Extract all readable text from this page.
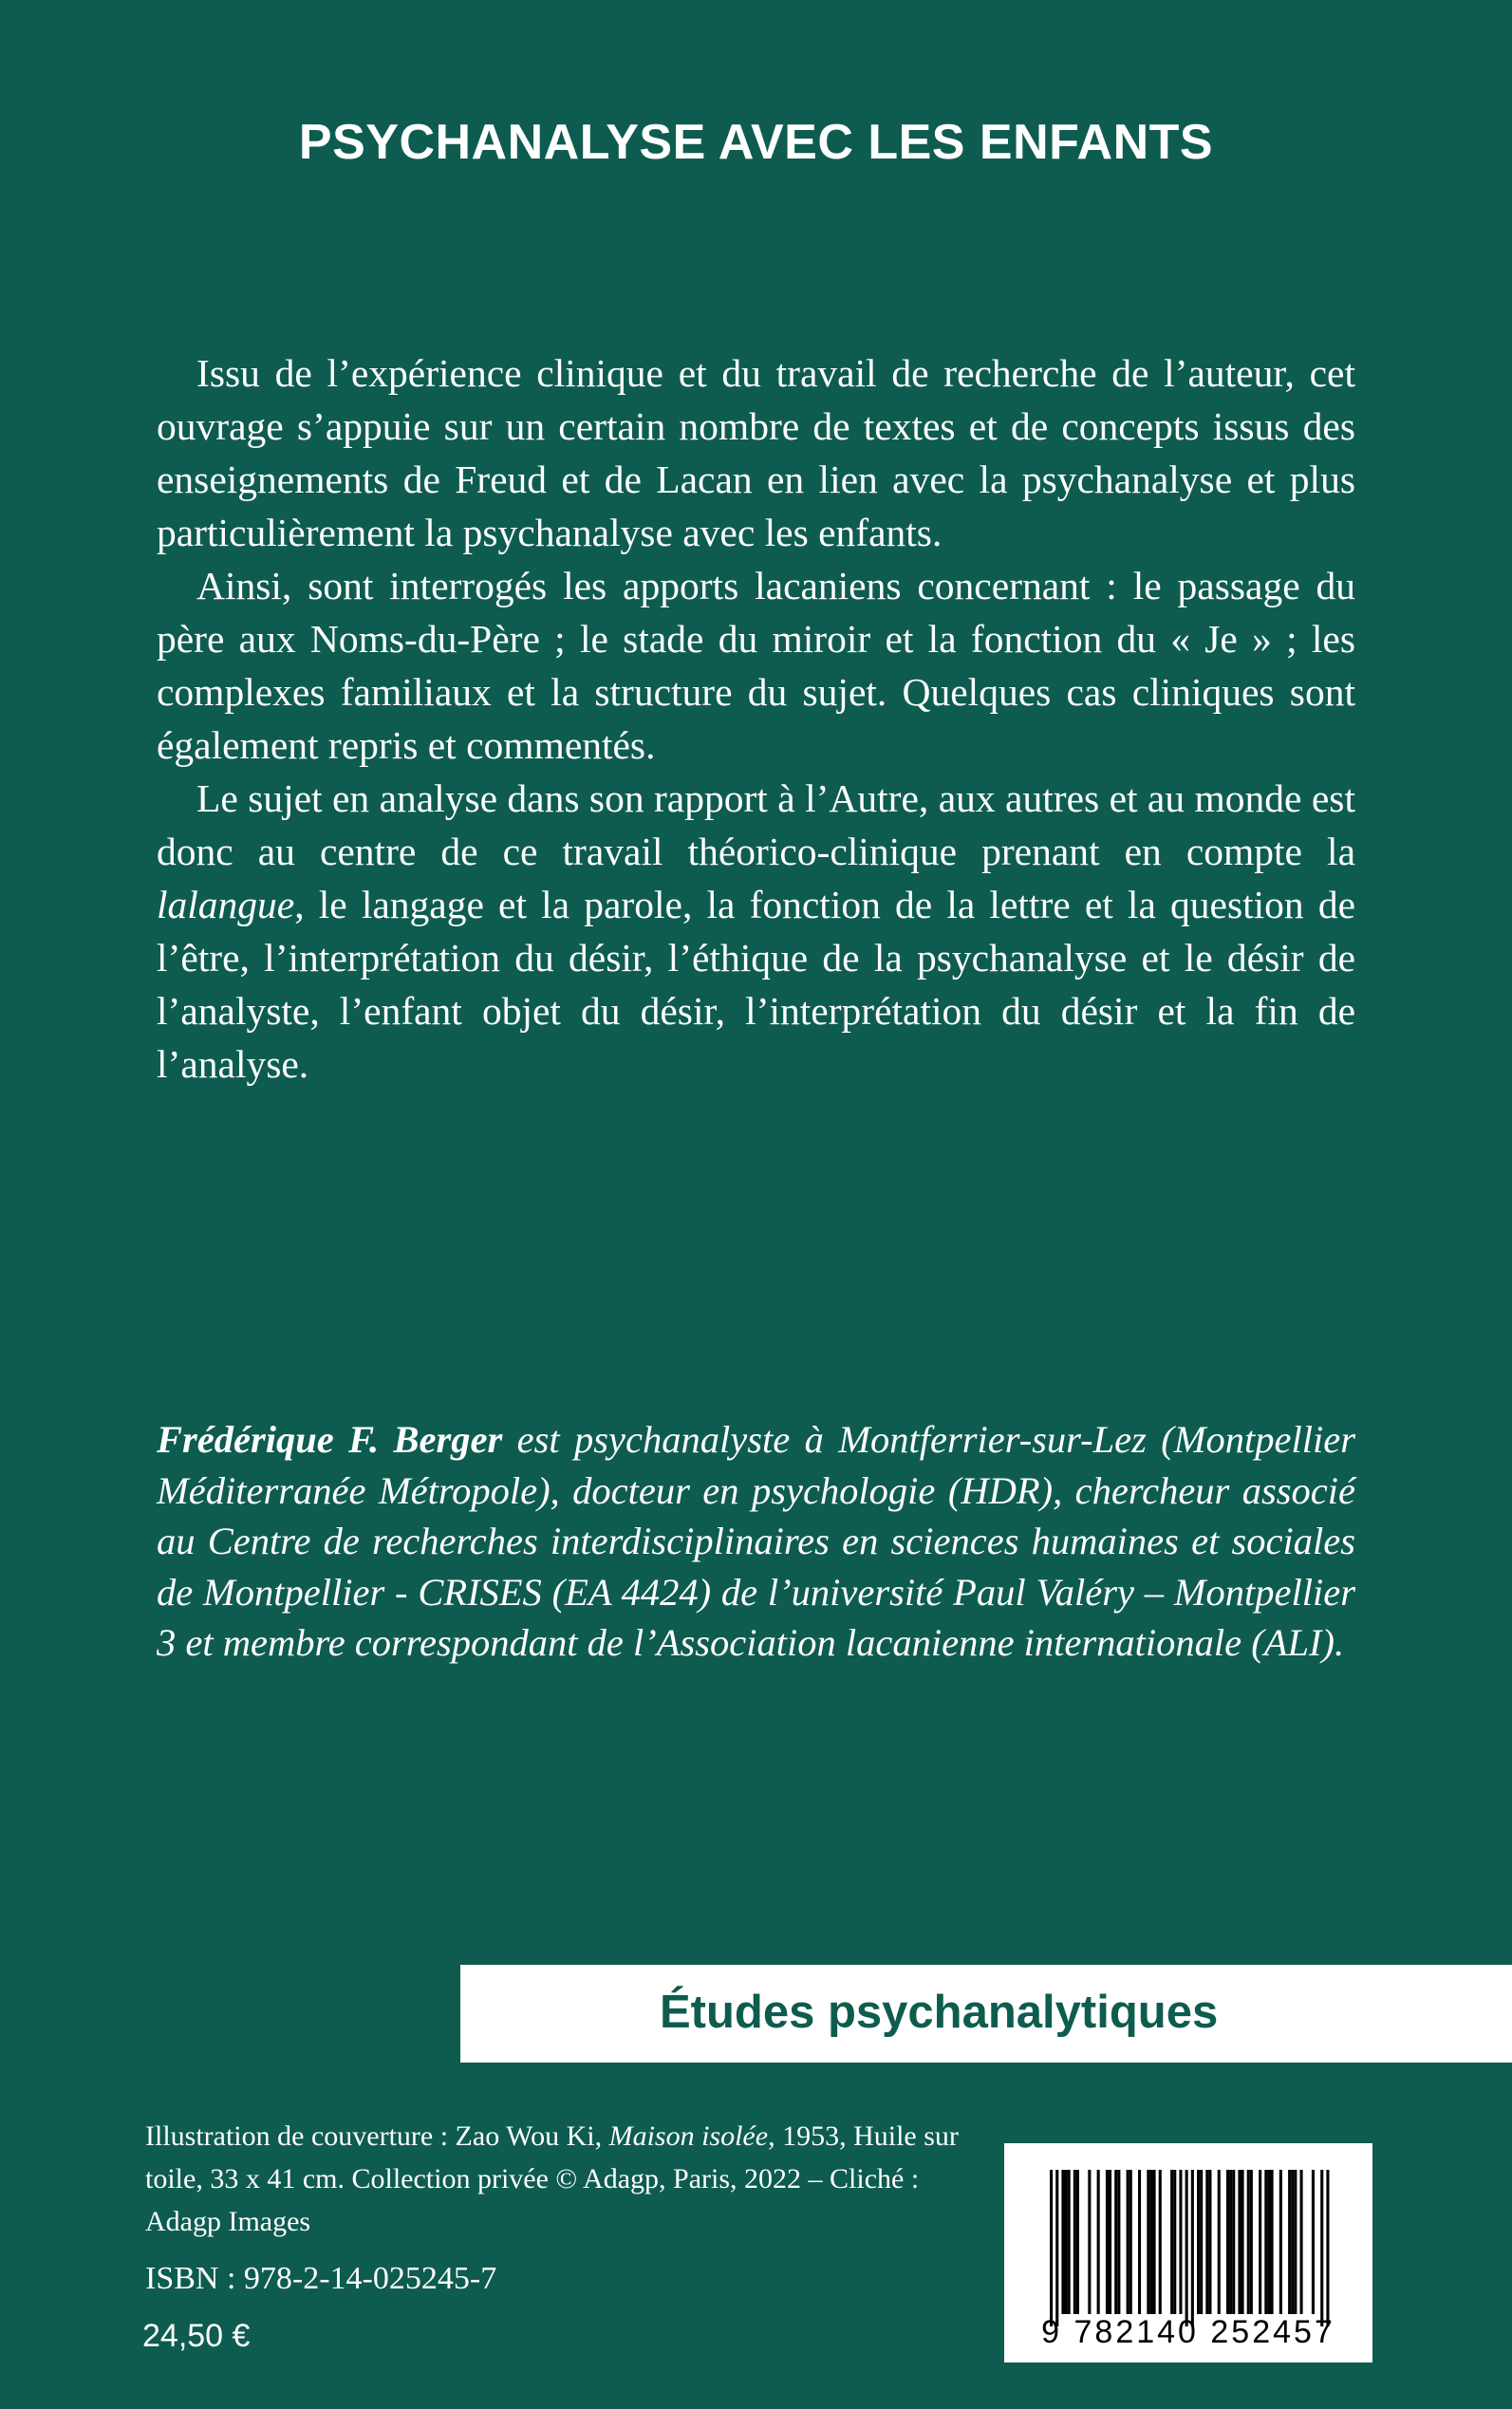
PSYCHANALYSE AVEC LES ENFANTS

Issu de l’expérience clinique et du travail de recherche de l’auteur, cet ouvrage s’appuie sur un certain nombre de textes et de concepts issus des enseignements de Freud et de Lacan en lien avec la psychanalyse et plus particulièrement la psychanalyse avec les enfants.

Ainsi, sont interrogés les apports lacaniens concernant : le passage du père aux Noms-du-Père ; le stade du miroir et la fonction du « Je » ; les complexes familiaux et la structure du sujet. Quelques cas cliniques sont également repris et commentés.

Le sujet en analyse dans son rapport à l’Autre, aux autres et au monde est donc au centre de ce travail théorico-clinique prenant en compte la lalangue, le langage et la parole, la fonction de la lettre et la question de l’être, l’interprétation du désir, l’éthique de la psychanalyse et le désir de l’analyste, l’enfant objet du désir, l’interprétation du désir et la fin de l’analyse.

Frédérique F. Berger est psychanalyste à Montferrier-sur-Lez (Montpellier Méditerranée Métropole), docteur en psychologie (HDR), chercheur associé au Centre de recherches interdisciplinaires en sciences humaines et sociales de Montpellier - CRISES (EA 4424) de l’université Paul Valéry – Montpellier 3 et membre correspondant de l’Association lacanienne internationale (ALI).
Études psychanalytiques
Illustration de couverture : Zao Wou Ki, Maison isolée, 1953, Huile sur toile, 33 x 41 cm. Collection privée © Adagp, Paris, 2022 – Cliché : Adagp Images
ISBN : 978-2-14-025245-7
24,50 €	9 782140 252457
